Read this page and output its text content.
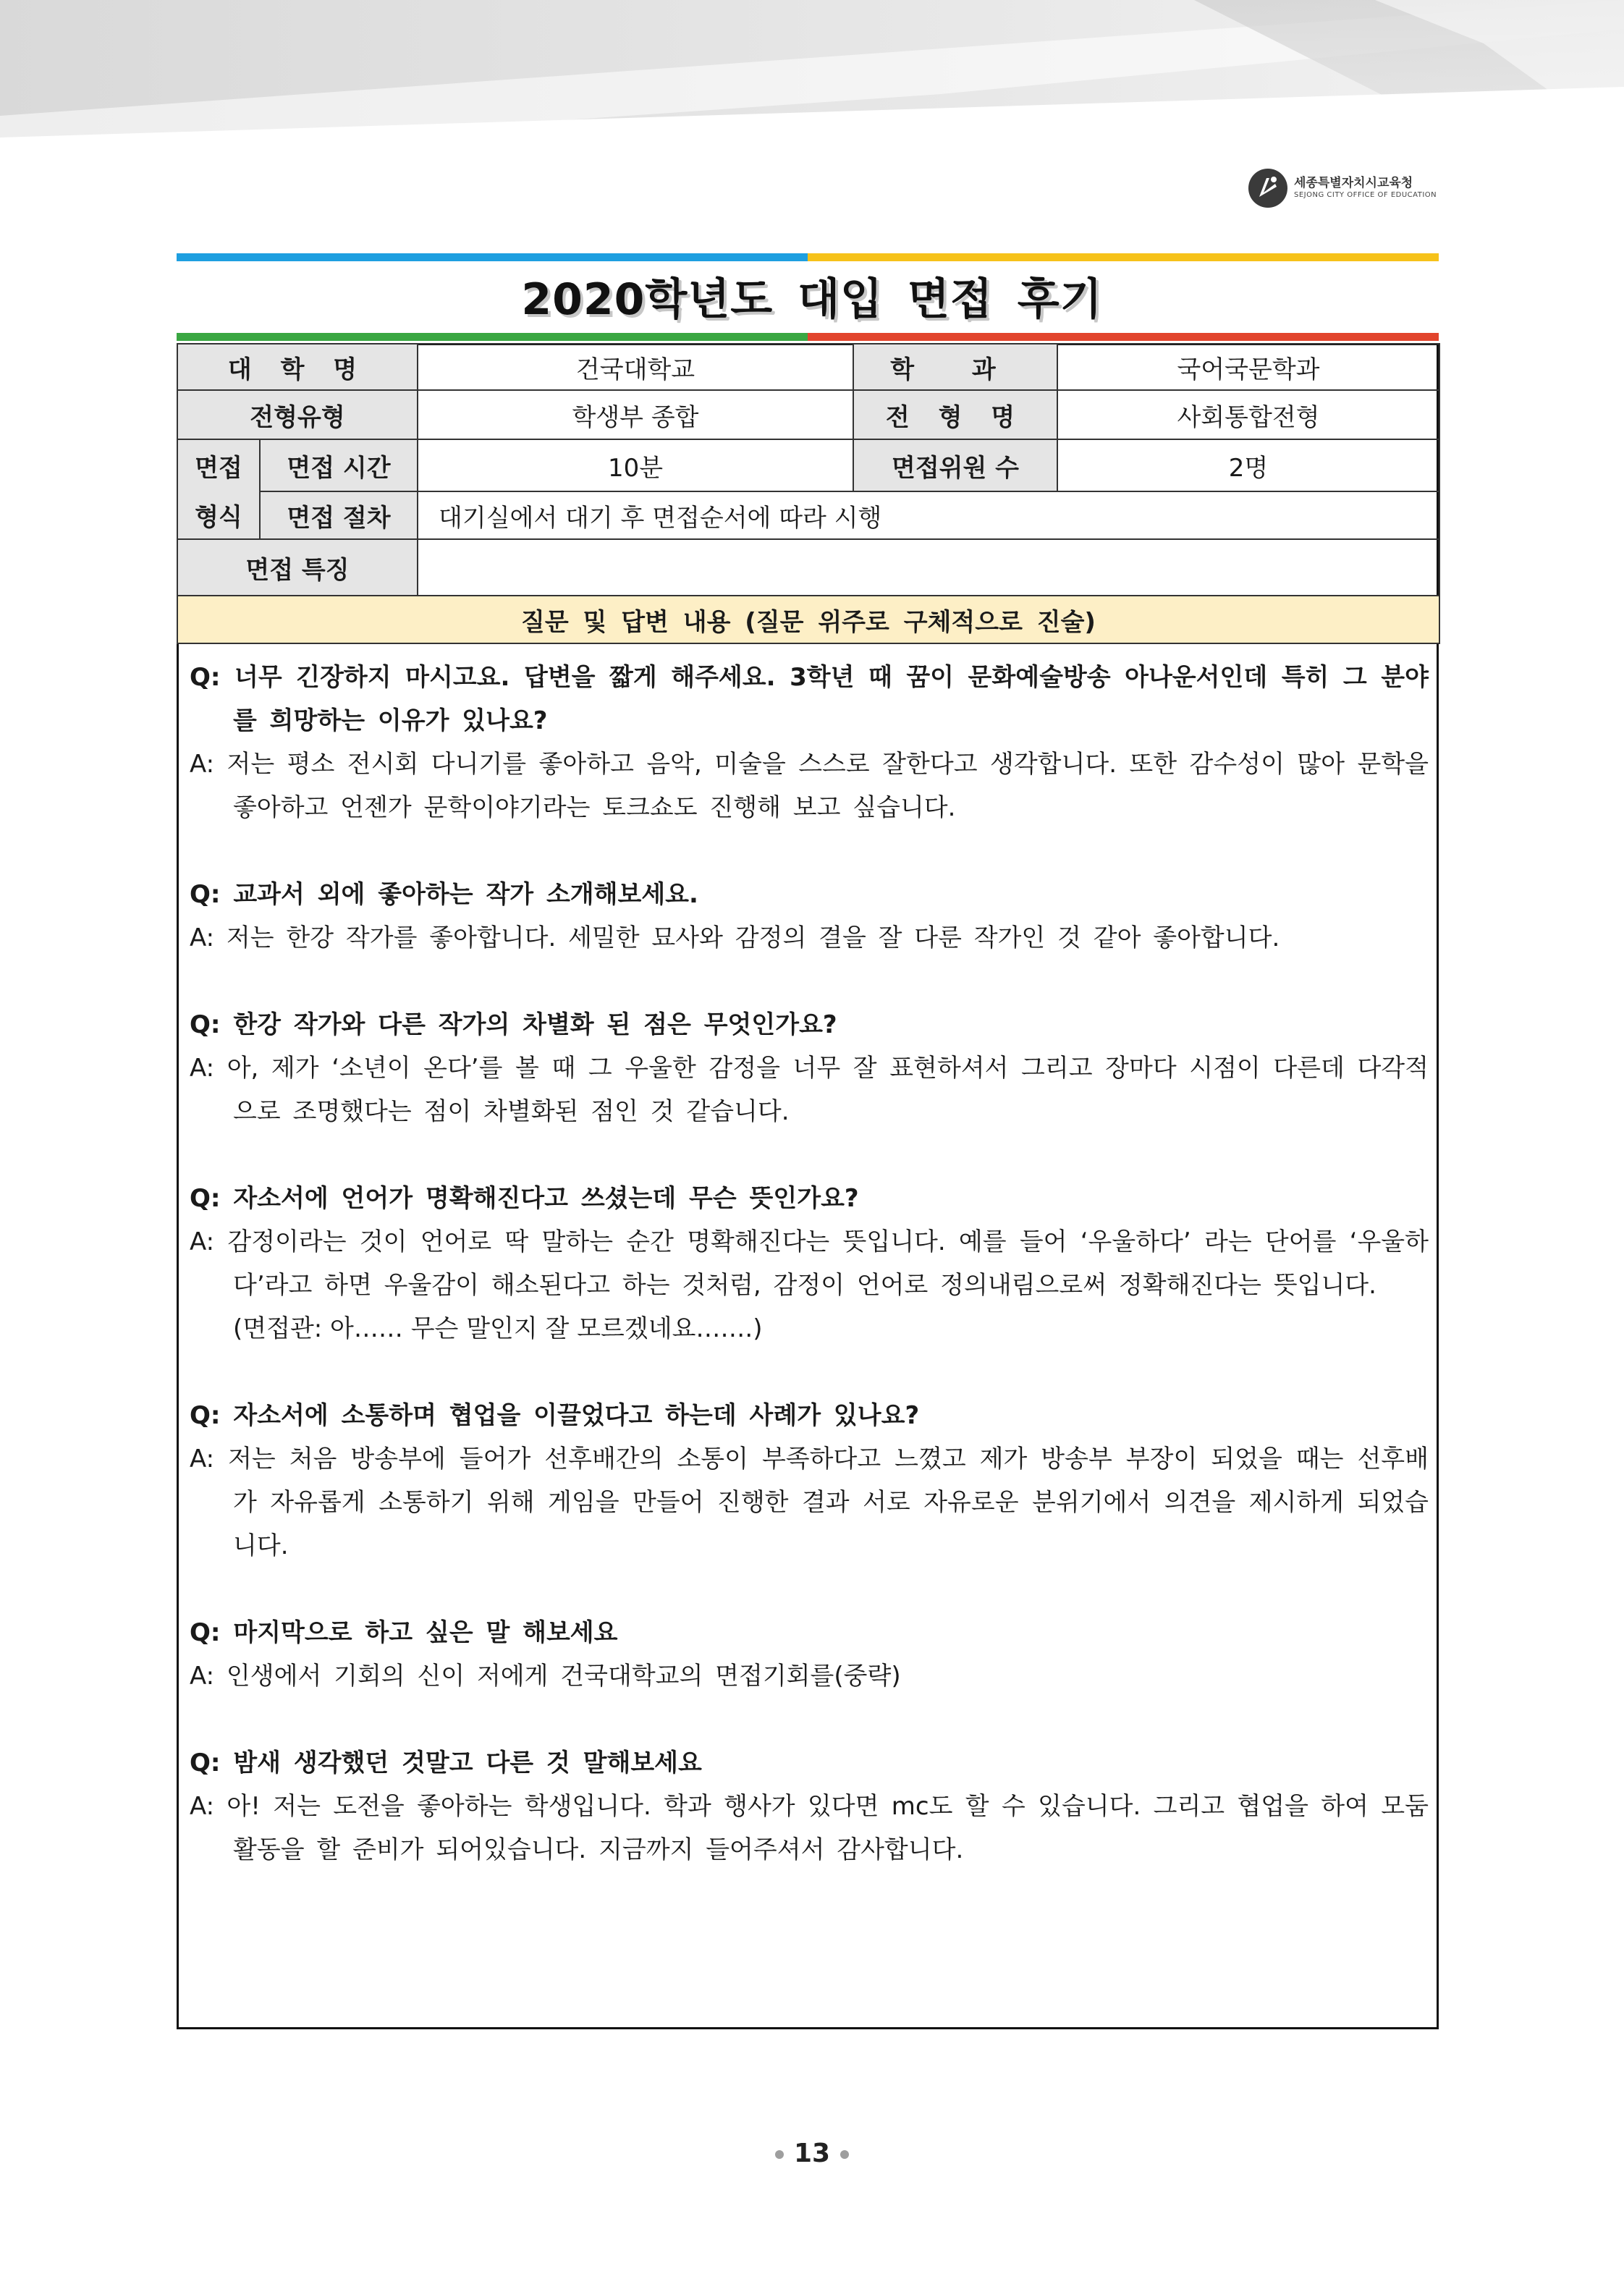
세종특별자치시교육청
SEJONG CITY OFFICE OF EDUCATION
2020학년도 대입 면접 후기
대 학 명		건국대학교	학 과	국어국문학과
전형유형		학생부 종합	전 형 명	사회통합전형
면접	면접 시간	10분	면접위원 수	2명
형식	면접 절차	대기실에서 대기 후 면접순서에 따라 시행		
면접 특징				
질문 및 답변 내용 (질문 위주로 구체적으로 진술)				
Q: 너무 긴장하지 마시고요. 답변을 짧게 해주세요. 3학년 때 꿈이 문화예술방송 아나운서인데 특히 그 분야를 희망하는 이유가 있나요?
A: 저는 평소 전시회 다니기를 좋아하고 음악, 미술을 스스로 잘한다고 생각합니다. 또한 감수성이 많아 문학을 좋아하고 언젠가 문학이야기라는 토크쇼도 진행해 보고 싶습니다.
Q: 교과서 외에 좋아하는 작가 소개해보세요.
A: 저는 한강 작가를 좋아합니다. 세밀한 묘사와 감정의 결을 잘 다룬 작가인 것 같아 좋아합니다.
Q: 한강 작가와 다른 작가의 차별화 된 점은 무엇인가요?
A: 아, 제가 ‘소년이 온다’를 볼 때 그 우울한 감정을 너무 잘 표현하셔서 그리고 장마다 시점이 다른데 다각적으로 조명했다는 점이 차별화된 점인 것 같습니다.
Q: 자소서에 언어가 명확해진다고 쓰셨는데 무슨 뜻인가요?
A: 감정이라는 것이 언어로 딱 말하는 순간 명확해진다는 뜻입니다. 예를 들어 ‘우울하다’ 라는 단어를 ‘우울하다’라고 하면 우울감이 해소된다고 하는 것처럼, 감정이 언어로 정의내림으로써 정확해진다는 뜻입니다.
(면접관: 아…… 무슨 말인지 잘 모르겠네요…….)
Q: 자소서에 소통하며 협업을 이끌었다고 하는데 사례가 있나요?
A: 저는 처음 방송부에 들어가 선후배간의 소통이 부족하다고 느꼈고 제가 방송부 부장이 되었을 때는 선후배가 자유롭게 소통하기 위해 게임을 만들어 진행한 결과 서로 자유로운 분위기에서 의견을 제시하게 되었습니다.
Q: 마지막으로 하고 싶은 말 해보세요
A: 인생에서 기회의 신이 저에게 건국대학교의 면접기회를(중략)
Q: 밤새 생각했던 것말고 다른 것 말해보세요
A: 아! 저는 도전을 좋아하는 학생입니다. 학과 행사가 있다면 mc도 할 수 있습니다. 그리고 협업을 하여 모둠활동을 할 준비가 되어있습니다. 지금까지 들어주셔서 감사합니다.
13
